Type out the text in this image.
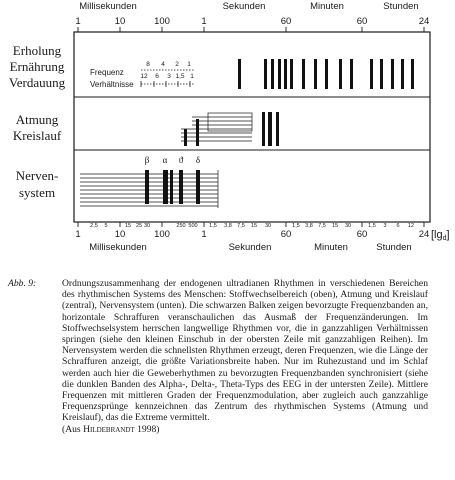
Millisekunden	Sekunden	Minuten	Stunden
1	10	100	1	60	60	24
Erholung
Ernährung
Verdauung
Atmung
Kreislauf
Nerven-
system
Frequenz
Verhältnisse
8 4 2 1
12 6 3 1,5 1
β α ϑ δ
2,5 5	15 25 30	250 500 1,5 3,8 7,5 15 30	1,5 3,8 7,5 15 30	1,5 3 6 12
1	10	100	1	60	60	24 [lgd]
Millisekunden	Sekunden	Minuten	Stunden
Abb. 9:	Ordnungszusammenhang der endogenen ultradianen Rhythmen in verschiedenen Bereichen des rhythmischen Systems des Menschen: Stoffwechselbereich (oben), Atmung und Kreislauf (zentral), Nervensystem (unten). Die schwarzen Balken zeigen bevorzugte Frequenzbanden an, horizontale Schraffuren veranschaulichen das Ausmaß der Frequenzänderungen. Im Stoffwechselsystem herrschen langwellige Rhythmen vor, die in ganzzahligen Verhältnissen springen (siehe den kleinen Einschub in der obersten Zeile mit ganzzahligen Reihen). Im Nervensystem werden die schnellsten Rhythmen erzeugt, deren Frequenzen, wie die Länge der Schraffuren anzeigt, die größte Variationsbreite haben. Nur im Ruhezustand und im Schlaf werden auch hier die Geweberhythmen zu bevorzugten Frequenzbanden synchronisiert (siehe die dunklen Banden des Alpha-, Delta-, Theta-Typs des EEG in der untersten Zeile). Mittlere Frequenzen mit mittleren Graden der Frequenzmodulation, aber zugleich auch ganzzahlige Frequenzsprünge kennzeichnen das Zentrum des rhythmischen Systems (Atmung und Kreislauf), das die Extreme vermittelt.

(Aus Hildebrandt 1998)
